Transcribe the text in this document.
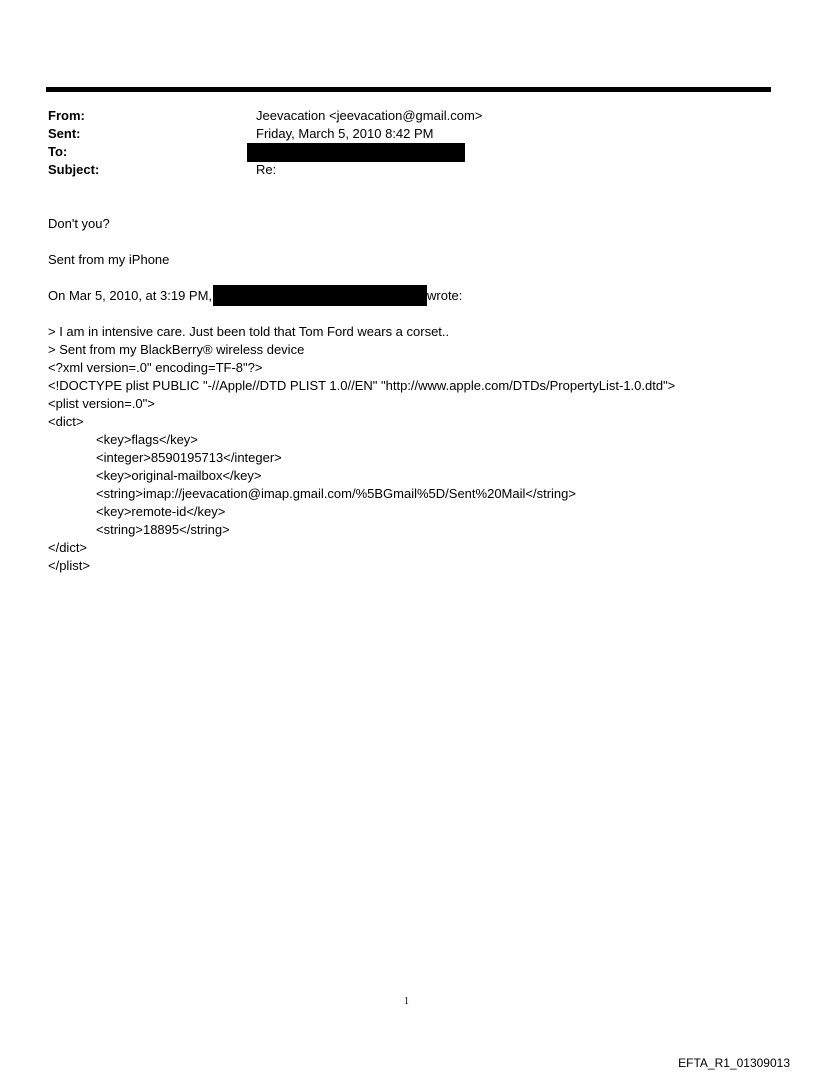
From:	Jeevacation <jeevacation@gmail.com>
Sent:	Friday, March 5, 2010 8:42 PM
To:
Subject:	Re:
Don't you?
Sent from my iPhone
On Mar 5, 2010, at 3:19 PM,	wrote:
> I am in intensive care. Just been told that Tom Ford wears a corset..
> Sent from my BlackBerry® wireless device
<?xml version=.0" encoding=TF-8"?>
<!DOCTYPE plist PUBLIC "-//Apple//DTD PLIST 1.0//EN" "http://www.apple.com/DTDs/PropertyList-1.0.dtd">
<plist version=.0">
<dict>
<key>flags</key>
<integer>8590195713</integer>
<key>original-mailbox</key>
<string>imap://jeevacation@imap.gmail.com/%5BGmail%5D/Sent%20Mail</string>
<key>remote-id</key>
<string>18895</string>
</dict>
</plist>
1
EFTA_R1_01309013
